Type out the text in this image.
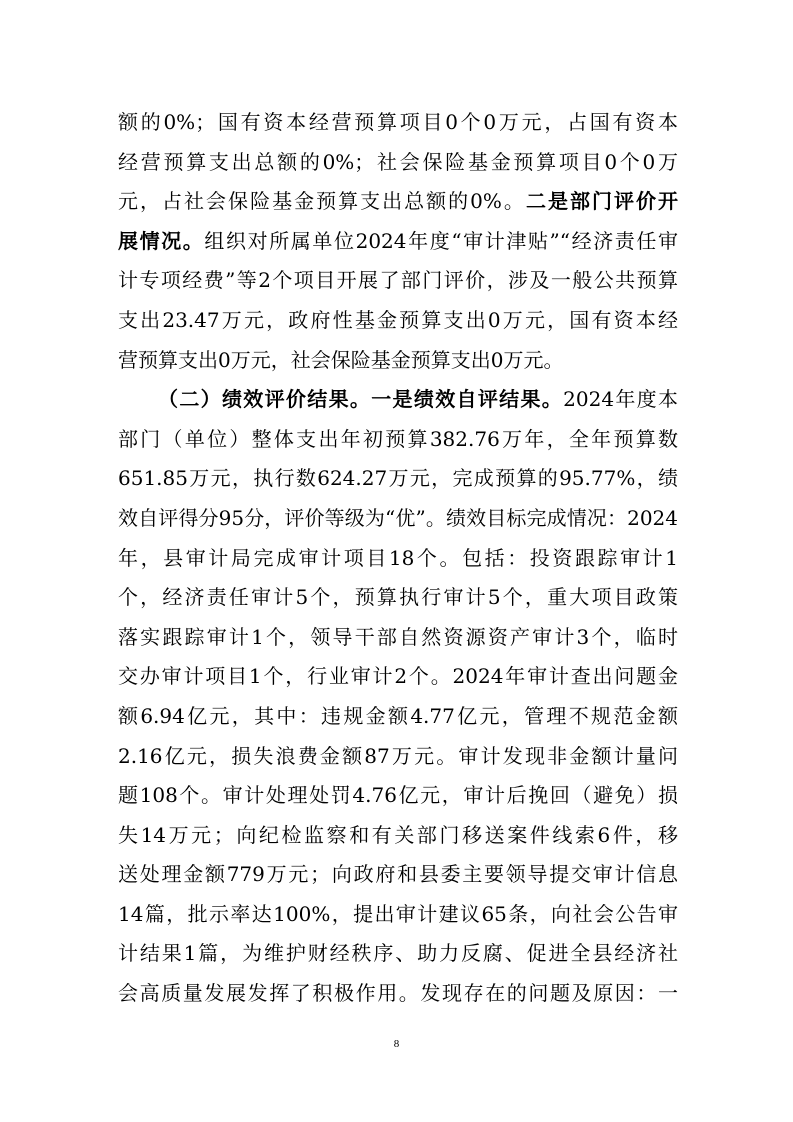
额的0%；国有资本经营预算项目0个0万元，占国有资本
经营预算支出总额的0%；社会保险基金预算项目0个0万
元，占社会保险基金预算支出总额的0%。二是部门评价开
展情况。组织对所属单位2024年度“审计津贴”“经济责任审
计专项经费”等2个项目开展了部门评价，涉及一般公共预算
支出23.47万元，政府性基金预算支出0万元，国有资本经
营预算支出0万元，社会保险基金预算支出0万元。
（二）绩效评价结果。一是绩效自评结果。2024年度本
部门（单位）整体支出年初预算382.76万年，全年预算数
651.85万元，执行数624.27万元，完成预算的95.77%，绩
效自评得分95分，评价等级为“优”。绩效目标完成情况：2024
年，县审计局完成审计项目18个。包括：投资跟踪审计1
个，经济责任审计5个，预算执行审计5个，重大项目政策
落实跟踪审计1个，领导干部自然资源资产审计3个，临时
交办审计项目1个，行业审计2个。2024年审计查出问题金
额6.94亿元，其中：违规金额4.77亿元，管理不规范金额
2.16亿元，损失浪费金额87万元。审计发现非金额计量问
题108个。审计处理处罚4.76亿元，审计后挽回（避免）损
失14万元；向纪检监察和有关部门移送案件线索6件，移
送处理金额779万元；向政府和县委主要领导提交审计信息
14篇，批示率达100%，提出审计建议65条，向社会公告审
计结果1篇，为维护财经秩序、助力反腐、促进全县经济社
会高质量发展发挥了积极作用。发现存在的问题及原因：一
8
